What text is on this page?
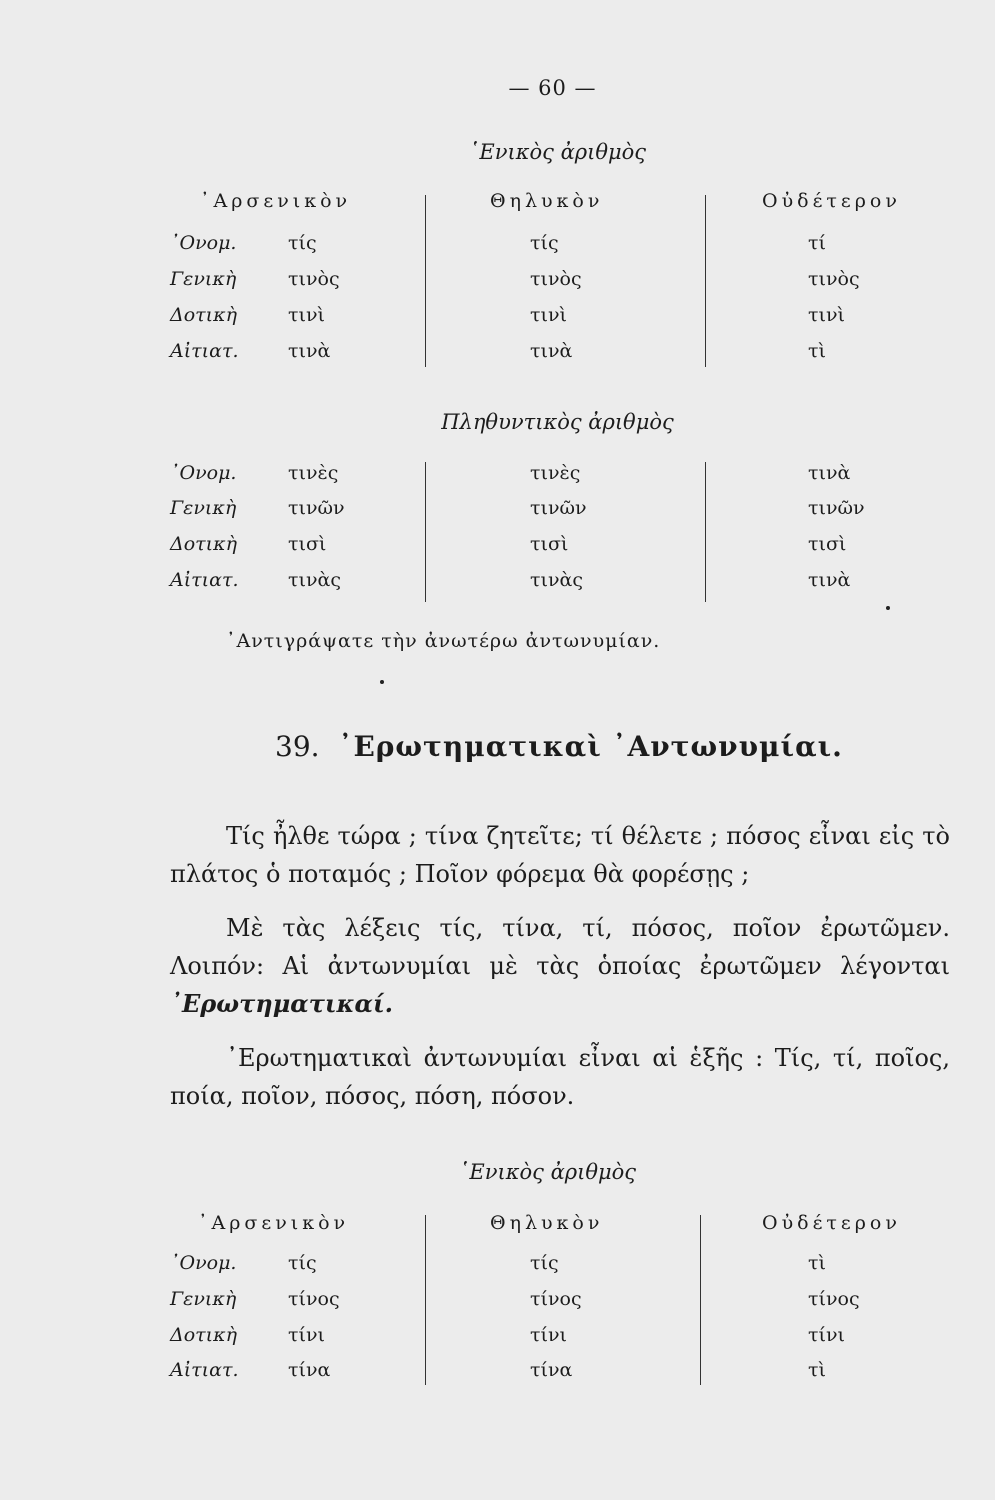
— 60 —
῾Ενικὸς ἀριθμὸς
᾿Αρσενικὸν	Θηλυκὸν	Οὐδέτερον
᾿Ονομ.	τίς	τίς	τί
Γενικὴ	τινὸς	τινὸς	τινὸς
Δοτικὴ	τινὶ	τινὶ	τινὶ
Αἰτιατ.	τινὰ	τινὰ	τὶ
Πληθυντικὸς ἀριθμὸς
᾿Ονομ.	τινὲς	τινὲς	τινὰ
Γενικὴ	τινῶν	τινῶν	τινῶν
Δοτικὴ	τισὶ	τισὶ	τισὶ
Αἰτιατ.	τινὰς	τινὰς	τινὰ
᾿Αντιγράψατε τὴν ἀνωτέρω ἀντωνυμίαν.
39. ᾿Ερωτηματικαὶ ᾿Αντωνυμίαι.
Τίς ἦλθε τώρα ; τίνα ζητεῖτε; τί θέλετε ; πόσος εἶναι εἰς τὸ πλάτος ὁ ποταμός ; Ποῖον φόρεμα θὰ φορέσῃς ;
Μὲ τὰς λέξεις τίς, τίνα, τί, πόσος, ποῖον ἐρωτῶμεν. Λοιπόν: Αἱ ἀντωνυμίαι μὲ τὰς ὁποίας ἐρωτῶμεν λέγονται ᾿Ερωτηματικαί.
᾿Ερωτηματικαὶ ἀντωνυμίαι εἶναι αἱ ἑξῆς : Τίς, τί, ποῖος, ποία, ποῖον, πόσος, πόση, πόσον.
῾Ενικὸς ἀριθμὸς
᾿Αρσενικὸν	Θηλυκὸν	Οὐδέτερον
᾿Ονομ.	τίς	τίς	τὶ
Γενικὴ	τίνος	τίνος	τίνος
Δοτικὴ	τίνι	τίνι	τίνι
Αἰτιατ.	τίνα	τίνα	τὶ
